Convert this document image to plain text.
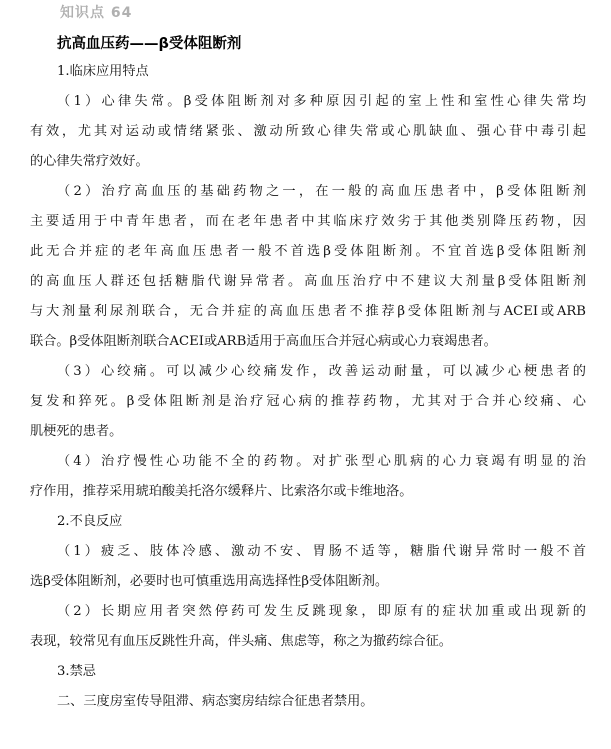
知识点 64
抗高血压药——β受体阻断剂
1.临床应用特点
（1）心律失常。β受体阻断剂对多种原因引起的室上性和室性心律失常均
有效，尤其对运动或情绪紧张、激动所致心律失常或心肌缺血、强心苷中毒引起
的心律失常疗效好。
（2）治疗高血压的基础药物之一，在一般的高血压患者中，β受体阻断剂
主要适用于中青年患者，而在老年患者中其临床疗效劣于其他类别降压药物，因
此无合并症的老年高血压患者一般不首选β受体阻断剂。不宜首选β受体阻断剂
的高血压人群还包括糖脂代谢异常者。高血压治疗中不建议大剂量β受体阻断剂
与大剂量利尿剂联合，无合并症的高血压患者不推荐β受体阻断剂与ACEI或ARB
联合。β受体阻断剂联合ACEI或ARB适用于高血压合并冠心病或心力衰竭患者。
（3）心绞痛。可以减少心绞痛发作，改善运动耐量，可以减少心梗患者的
复发和猝死。β受体阻断剂是治疗冠心病的推荐药物，尤其对于合并心绞痛、心
肌梗死的患者。
（4）治疗慢性心功能不全的药物。对扩张型心肌病的心力衰竭有明显的治
疗作用，推荐采用琥珀酸美托洛尔缓释片、比索洛尔或卡维地洛。
2.不良反应
（1）疲乏、肢体冷感、激动不安、胃肠不适等，糖脂代谢异常时一般不首
选β受体阻断剂，必要时也可慎重选用高选择性β受体阻断剂。
（2）长期应用者突然停药可发生反跳现象，即原有的症状加重或出现新的
表现，较常见有血压反跳性升高，伴头痛、焦虑等，称之为撤药综合征。
3.禁忌
二、三度房室传导阻滞、病态窦房结综合征患者禁用。
